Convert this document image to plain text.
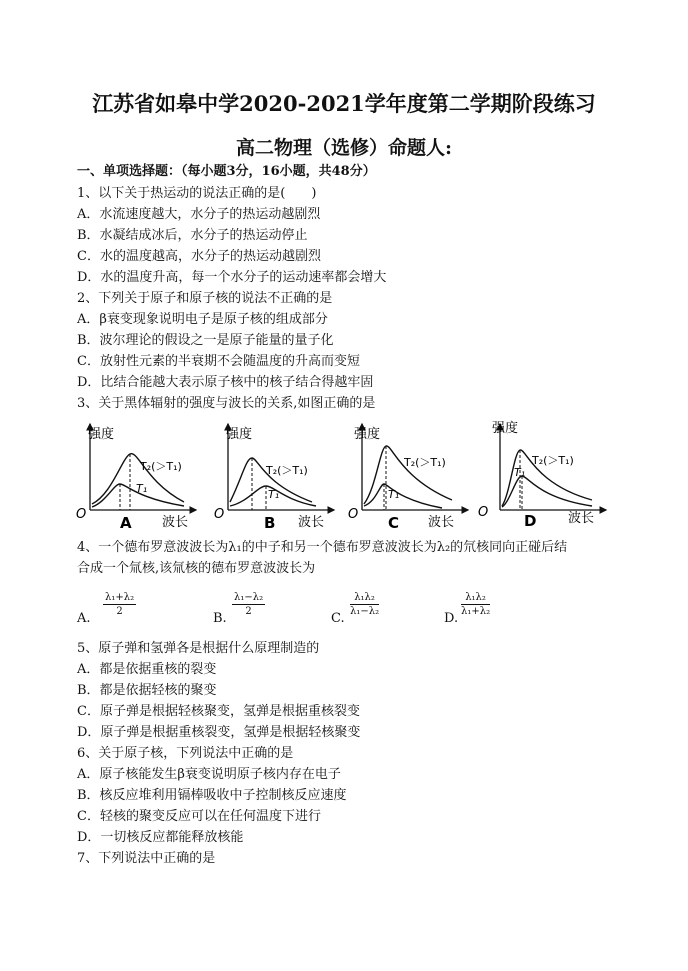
江苏省如皋中学2020-2021学年度第二学期阶段练习
高二物理（选修）命题人:
一、单项选择题：（每小题3分，16小题，共48分）
1、以下关于热运动的说法正确的是(　　)
A．水流速度越大，水分子的热运动越剧烈
B．水凝结成冰后，水分子的热运动停止
C．水的温度越高，水分子的热运动越剧烈
D．水的温度升高，每一个水分子的运动速率都会增大
2、下列关于原子和原子核的说法不正确的是
A．β衰变现象说明电子是原子核的组成部分
B．波尔理论的假设之一是原子能量的量子化
C．放射性元素的半衰期不会随温度的升高而变短
D．比结合能越大表示原子核中的核子结合得越牢固
3、关于黑体辐射的强度与波长的关系,如图正确的是
强度
T₂(＞T₁)
T₁
O
波长
A
强度
T₂(＞T₁)
T₁
O
波长
B
强度
T₂(＞T₁)
T₁
O
波长
C
强度
T₂(＞T₁)
T₁
O	波长
D
4、一个德布罗意波波长为λ₁的中子和另一个德布罗意波波长为λ₂的氘核同向正碰后结
合成一个氚核,该氚核的德布罗意波波长为
A.
$\frac{\text{λ₁+λ₂}}{2}$
B.
$\frac{\text{λ₁−λ₂}}{2}$
C.
$\frac{\text{λ₁λ₂}}{\text{λ₁−λ₂}}$
D.
$\frac{\text{λ₁λ₂}}{\text{λ₁+λ₂}}$
5、原子弹和氢弹各是根据什么原理制造的
A．都是依据重核的裂变
B．都是依据轻核的聚变
C．原子弹是根据轻核聚变，氢弹是根据重核裂变
D．原子弹是根据重核裂变，氢弹是根据轻核聚变
6、关于原子核，下列说法中正确的是
A．原子核能发生β衰变说明原子核内存在电子
B．核反应堆利用镉棒吸收中子控制核反应速度
C．轻核的聚变反应可以在任何温度下进行
D．一切核反应都能释放核能
7、下列说法中正确的是
